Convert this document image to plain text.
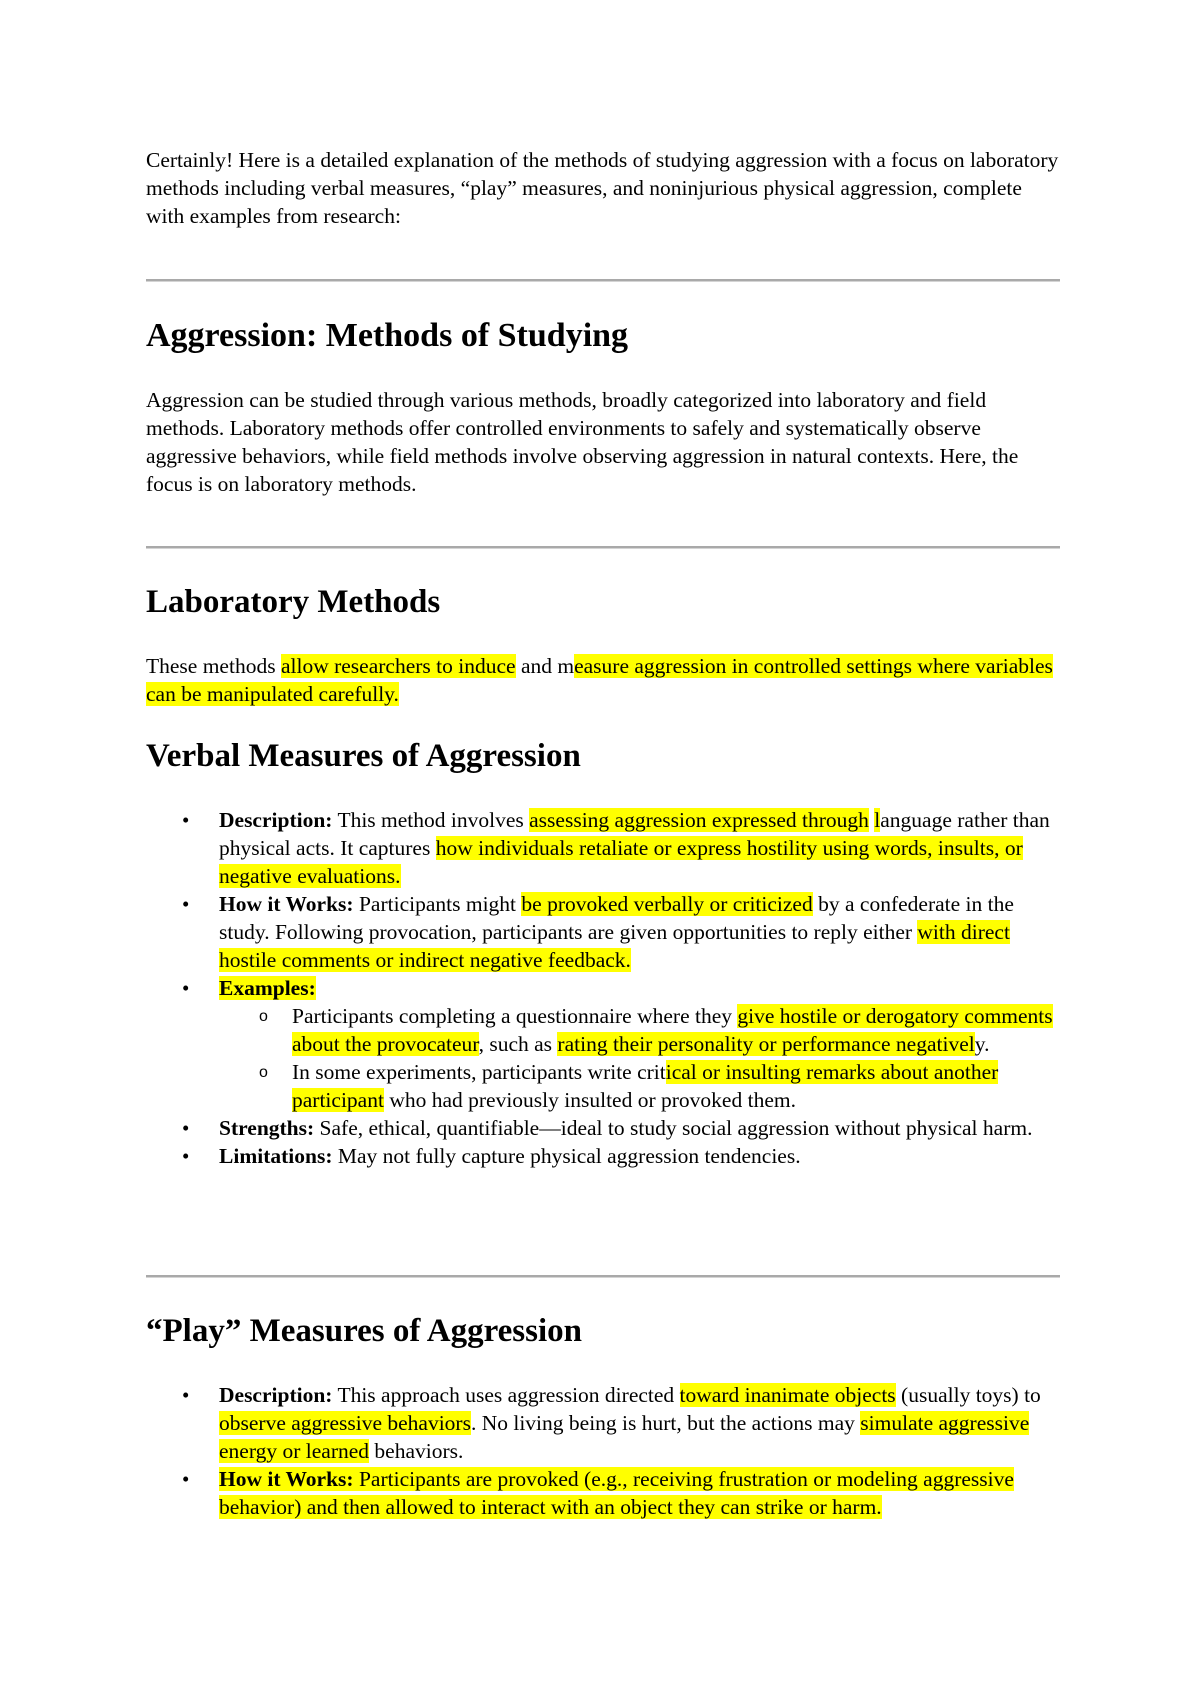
Certainly! Here is a detailed explanation of the methods of studying aggression with a focus on laboratory methods including verbal measures, “play” measures, and noninjurious physical aggression, complete with examples from research:

Aggression: Methods of Studying

Aggression can be studied through various methods, broadly categorized into laboratory and field methods. Laboratory methods offer controlled environments to safely and systematically observe aggressive behaviors, while field methods involve observing aggression in natural contexts. Here, the focus is on laboratory methods.

Laboratory Methods

These methods allow researchers to induce and measure aggression in controlled settings where variables can be manipulated carefully.

Verbal Measures of Aggression
• Description: This method involves assessing aggression expressed through language rather than physical acts. It captures how individuals retaliate or express hostility using words, insults, or negative evaluations.
• How it Works: Participants might be provoked verbally or criticized by a confederate in the study. Following provocation, participants are given opportunities to reply either with direct hostile comments or indirect negative feedback.
• Examples:
o Participants completing a questionnaire where they give hostile or derogatory comments about the provocateur, such as rating their personality or performance negatively.
o In some experiments, participants write critical or insulting remarks about another participant who had previously insulted or provoked them.
• Strengths: Safe, ethical, quantifiable—ideal to study social aggression without physical harm.
• Limitations: May not fully capture physical aggression tendencies.
“Play” Measures of Aggression
• Description: This approach uses aggression directed toward inanimate objects (usually toys) to observe aggressive behaviors. No living being is hurt, but the actions may simulate aggressive energy or learned behaviors.
• How it Works: Participants are provoked (e.g., receiving frustration or modeling aggressive behavior) and then allowed to interact with an object they can strike or harm.
